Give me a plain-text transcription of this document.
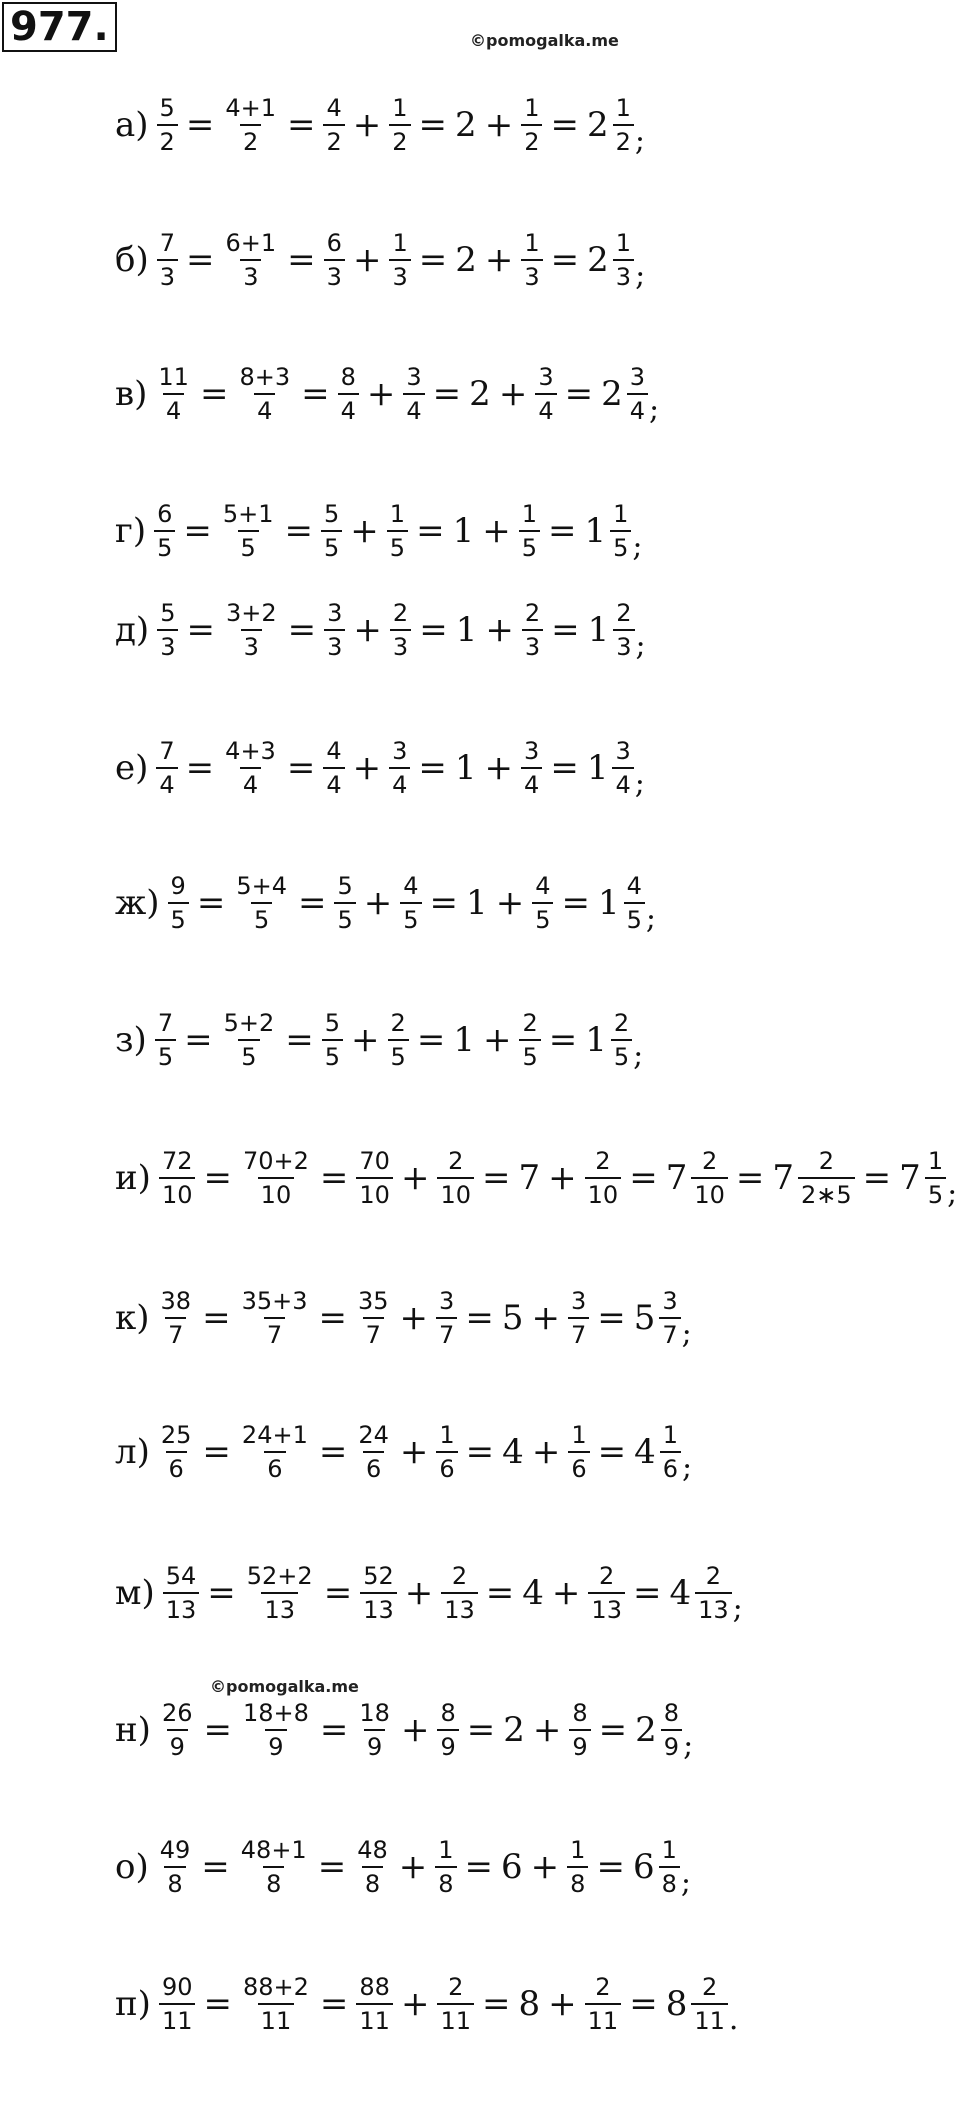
977.	©pomogalka.me
©pomogalka.me
$а) \frac{5}{2} = \frac{4+1}{2} = \frac{4}{2} + \frac{1}{2} = 2 + \frac{1}{2} = 2 \frac{1}{2}$ ;
$б) \frac{7}{3} = \frac{6+1}{3} = \frac{6}{3} + \frac{1}{3} = 2 + \frac{1}{3} = 2 \frac{1}{3}$ ;
$в) \frac{11}{4} = \frac{8+3}{4} = \frac{8}{4} + \frac{3}{4} = 2 + \frac{3}{4} = 2 \frac{3}{4}$ ;
$г) \frac{6}{5} = \frac{5+1}{5} = \frac{5}{5} + \frac{1}{5} = 1 + \frac{1}{5} = 1 \frac{1}{5}$ ;
$д) \frac{5}{3} = \frac{3+2}{3} = \frac{3}{3} + \frac{2}{3} = 1 + \frac{2}{3} = 1 \frac{2}{3}$ ;
$е) \frac{7}{4} = \frac{4+3}{4} = \frac{4}{4} + \frac{3}{4} = 1 + \frac{3}{4} = 1 \frac{3}{4}$ ;
$ж) \frac{9}{5} = \frac{5+4}{5} = \frac{5}{5} + \frac{4}{5} = 1 + \frac{4}{5} = 1 \frac{4}{5}$ ;
$з) \frac{7}{5} = \frac{5+2}{5} = \frac{5}{5} + \frac{2}{5} = 1 + \frac{2}{5} = 1 \frac{2}{5}$ ;
$и) \frac{72}{10} = \frac{70+2}{10} = \frac{70}{10} + \frac{2}{10} = 7 + \frac{2}{10} = 7 \frac{2}{10} = 7 \frac{2}{2∗5} = 7 \frac{1}{5}$ ;
$к) \frac{38}{7} = \frac{35+3}{7} = \frac{35}{7} + \frac{3}{7} = 5 + \frac{3}{7} = 5 \frac{3}{7}$ ;
$л) \frac{25}{6} = \frac{24+1}{6} = \frac{24}{6} + \frac{1}{6} = 4 + \frac{1}{6} = 4 \frac{1}{6}$ ;
$м) \frac{54}{13} = \frac{52+2}{13} = \frac{52}{13} + \frac{2}{13} = 4 + \frac{2}{13} = 4 \frac{2}{13}$ ;
$н) \frac{26}{9} = \frac{18+8}{9} = \frac{18}{9} + \frac{8}{9} = 2 + \frac{8}{9} = 2 \frac{8}{9}$ ;
$о) \frac{49}{8} = \frac{48+1}{8} = \frac{48}{8} + \frac{1}{8} = 6 + \frac{1}{8} = 6 \frac{1}{8}$ ;
$п) \frac{90}{11} = \frac{88+2}{11} = \frac{88}{11} + \frac{2}{11} = 8 + \frac{2}{11} = 8 \frac{2}{11}$ .
